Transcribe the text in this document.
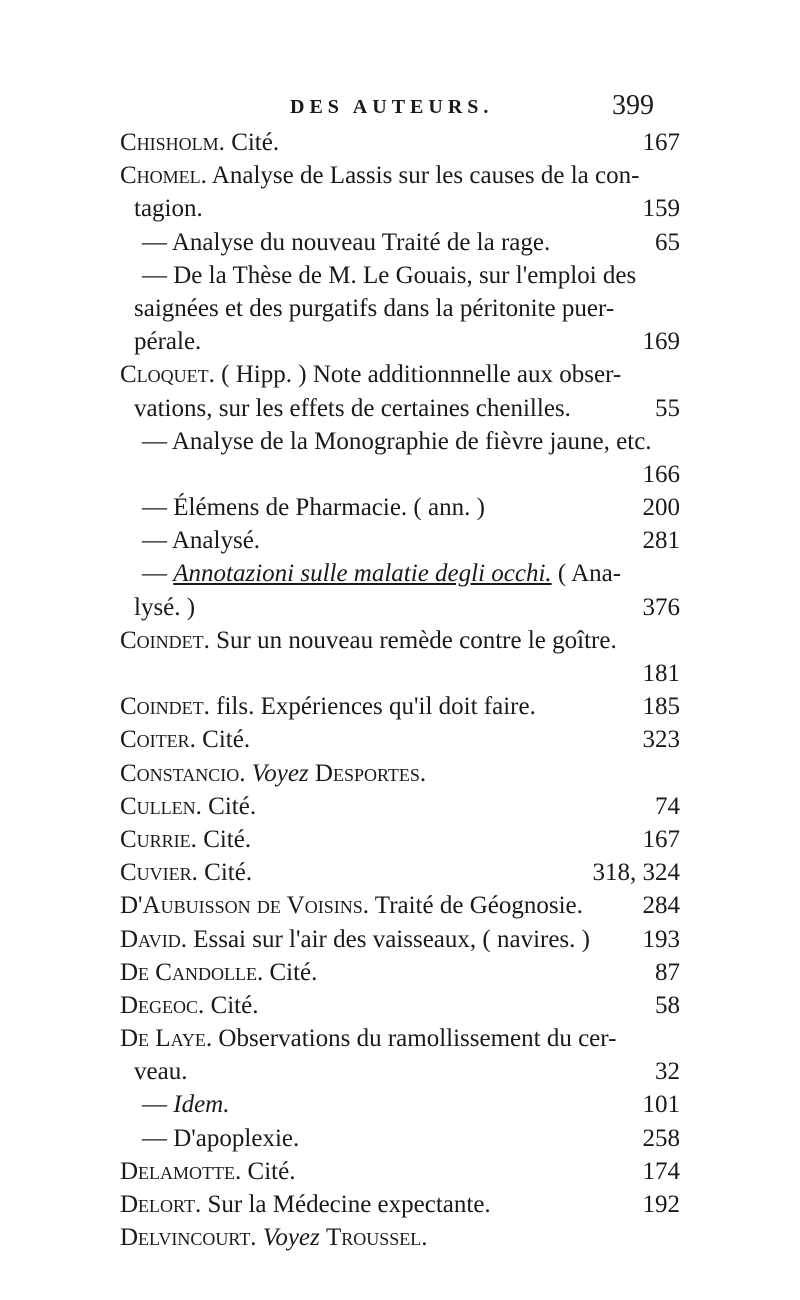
DES AUTEURS.	399
Chisholm. Cité.	167
Chomel. Analyse de Lassis sur les causes de la con-
tagion.	159
— Analyse du nouveau Traité de la rage.	65
— De la Thèse de M. Le Gouais, sur l'emploi des
saignées et des purgatifs dans la péritonite puer-
pérale.	169
Cloquet. ( Hipp. ) Note additionnnelle aux obser-
vations, sur les effets de certaines chenilles.	55
— Analyse de la Monographie de fièvre jaune, etc.
166
— Élémens de Pharmacie. ( ann. )	200
— Analysé.	281
— Annotazioni sulle malatie degli occhi. ( Ana-
lysé. )	376
Coindet. Sur un nouveau remède contre le goître.
181
Coindet. fils. Expériences qu'il doit faire.	185
Coiter. Cité.	323
Constancio. Voyez Desportes.
Cullen. Cité.	74
Currie. Cité.	167
Cuvier. Cité.	318, 324
D'Aubuisson de Voisins. Traité de Géognosie. 284
David. Essai sur l'air des vaisseaux, ( navires. ) 193
De Candolle. Cité.	87
Degeoc. Cité.	58
De Laye. Observations du ramollissement du cer-
veau.	32
— Idem.	101
— D'apoplexie.	258
Delamotte. Cité.	174
Delort. Sur la Médecine expectante.	192
Delvincourt. Voyez Troussel.
